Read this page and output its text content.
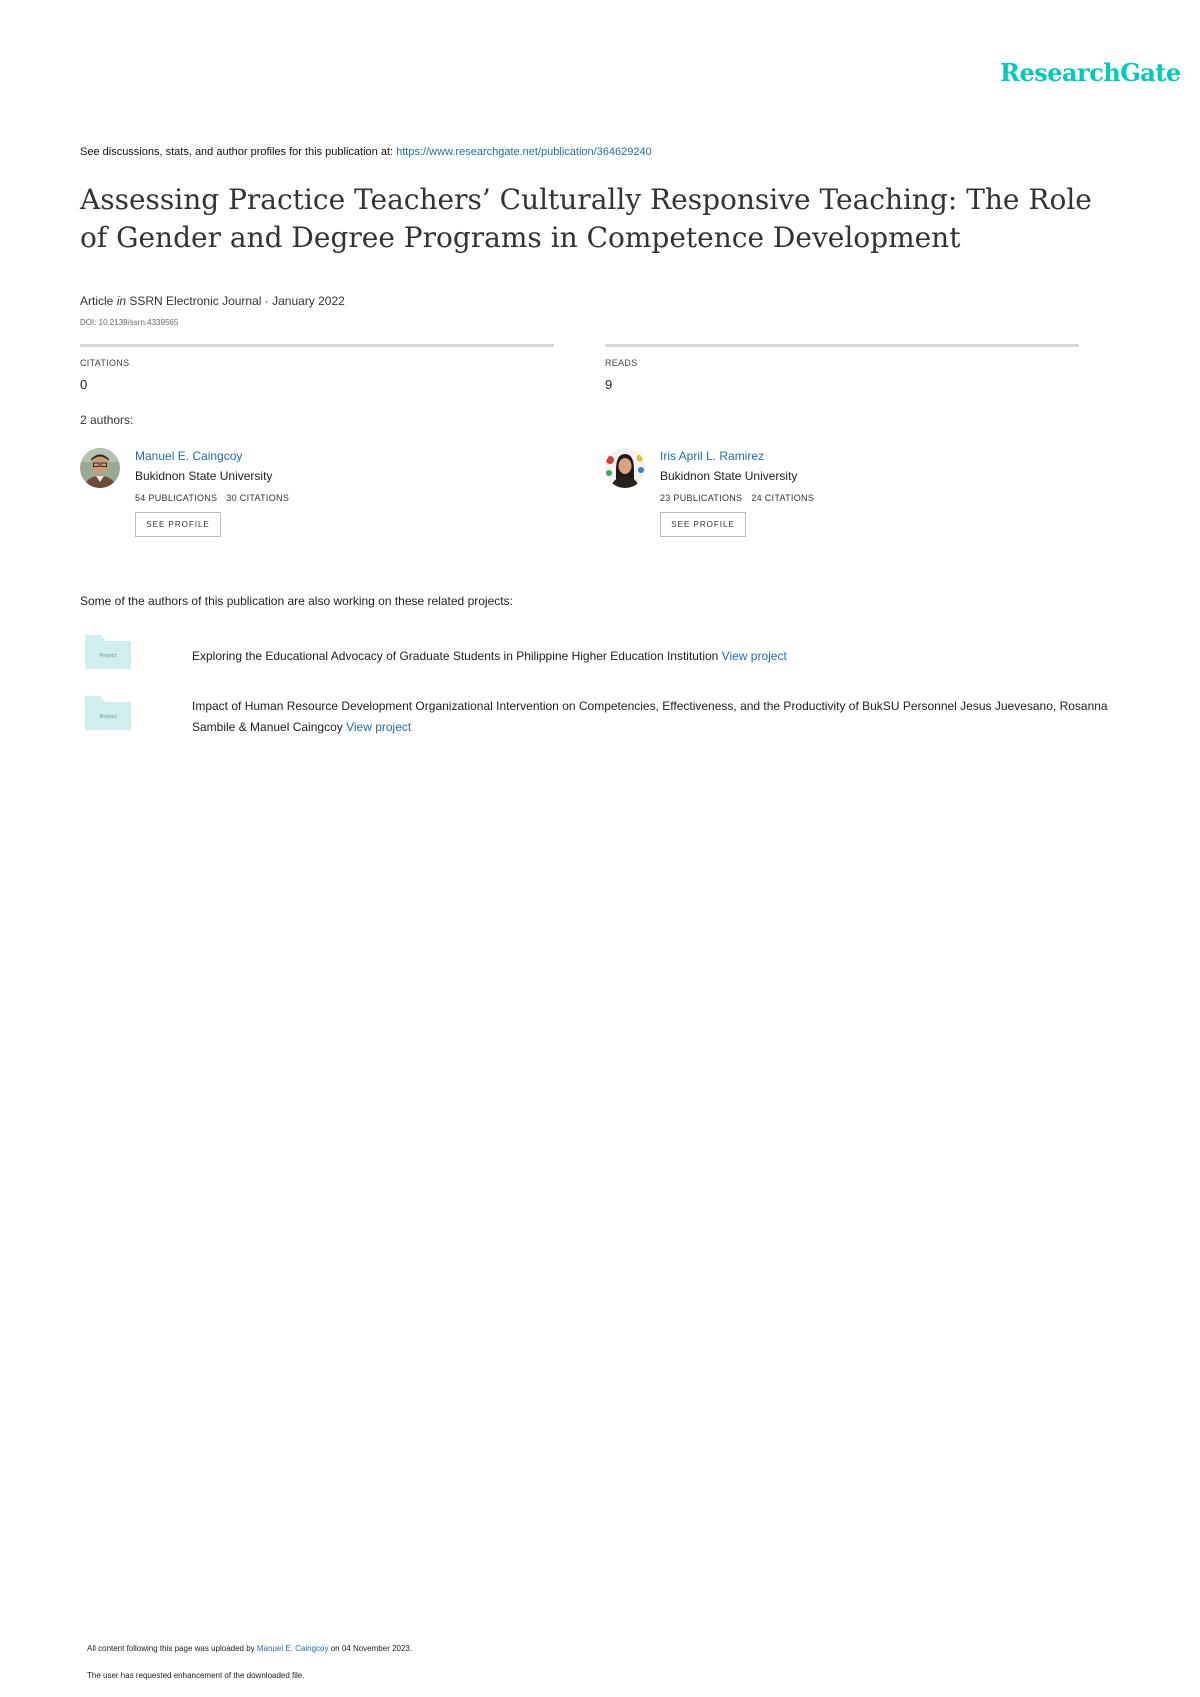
ResearchGate
See discussions, stats, and author profiles for this publication at: https://www.researchgate.net/publication/364629240
Assessing Practice Teachers’ Culturally Responsive Teaching: The Role of Gender and Degree Programs in Competence Development
Article in SSRN Electronic Journal · January 2022
DOI: 10.2139/ssrn.4339565
CITATIONS
0
READS
9
2 authors:
Manuel E. Caingcoy
Bukidnon State University
54 PUBLICATIONS 30 CITATIONS
SEE PROFILE
Iris April L. Ramirez
Bukidnon State University
23 PUBLICATIONS 24 CITATIONS
SEE PROFILE
Some of the authors of this publication are also working on these related projects:
Project	Exploring the Educational Advocacy of Graduate Students in Philippine Higher Education Institution View project
Project
Impact of Human Resource Development Organizational Intervention on Competencies, Effectiveness, and the Productivity of BukSU Personnel Jesus Juevesano, Rosanna Sambile & Manuel Caingcoy View project
All content following this page was uploaded by Manuel E. Caingcoy on 04 November 2023.
The user has requested enhancement of the downloaded file.
